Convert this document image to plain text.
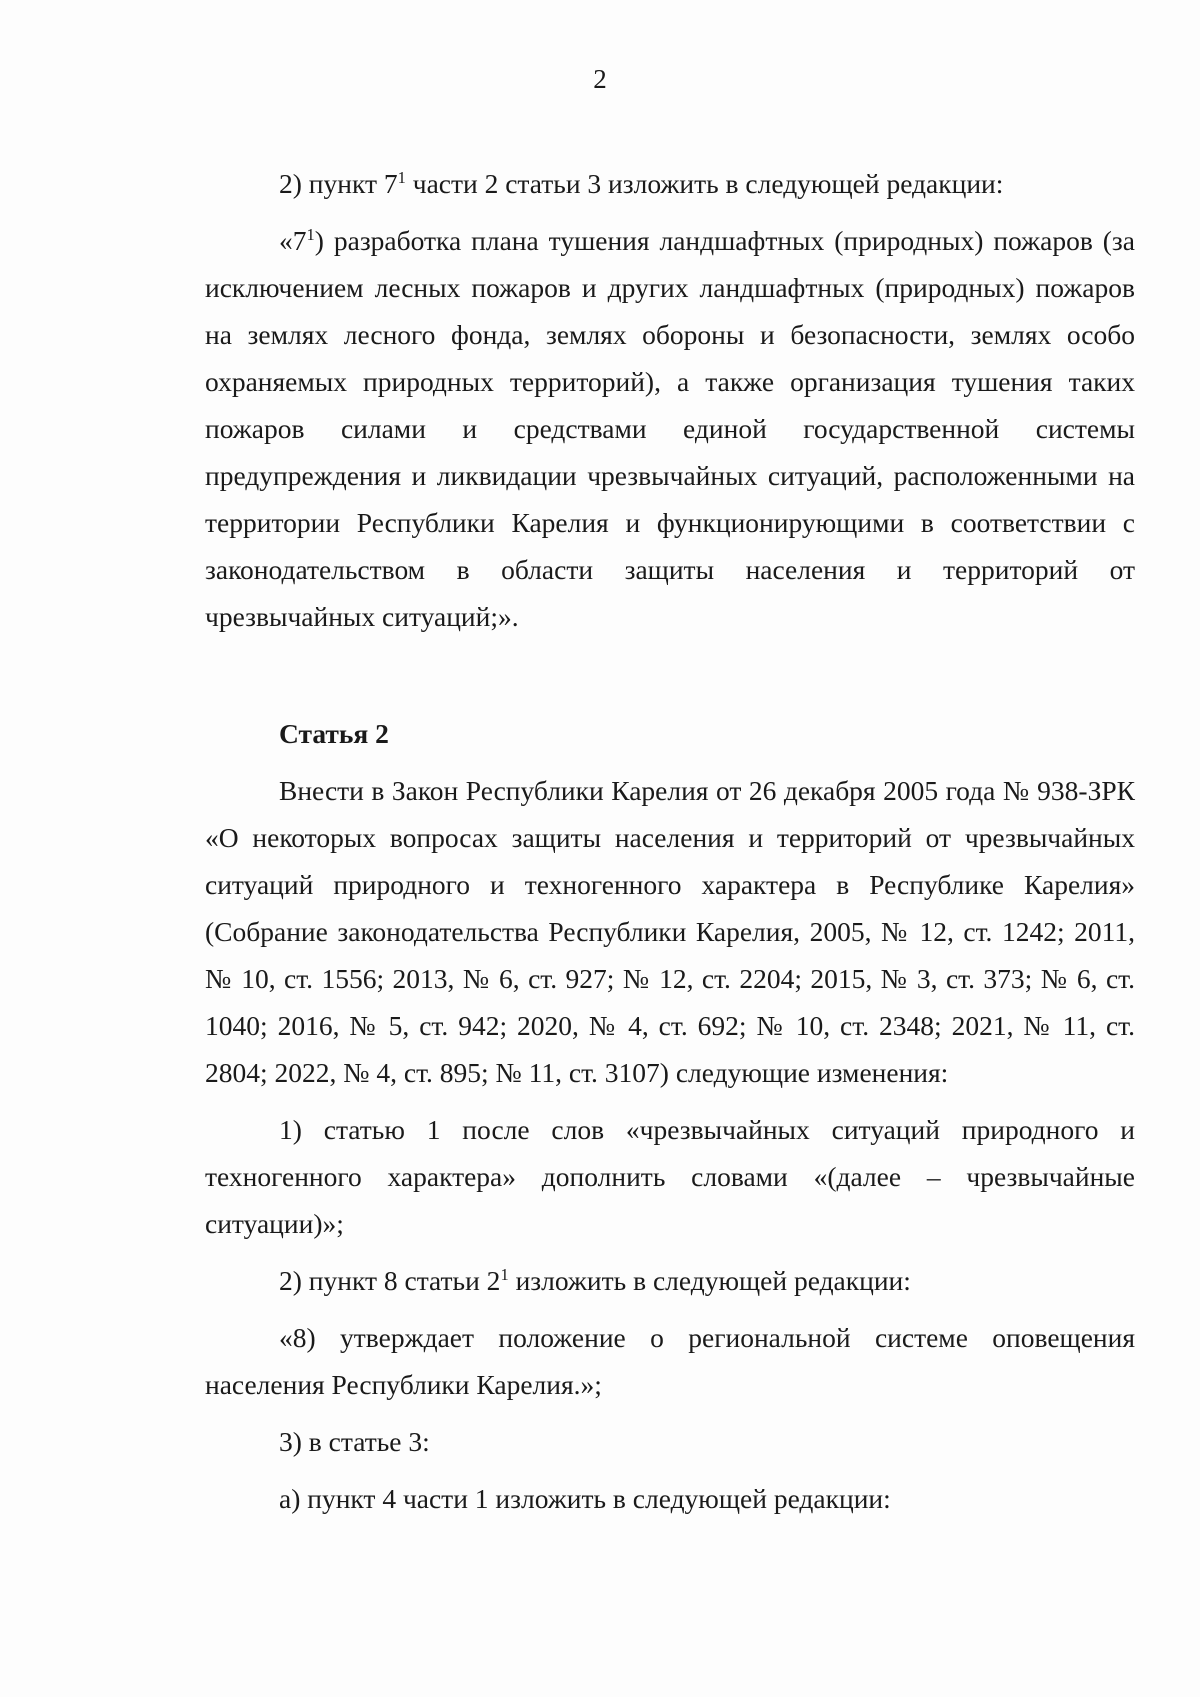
2

2) пункт $7^1$ части 2 статьи 3 изложить в следующей редакции:

«$7^1$) разработка плана тушения ландшафтных (природных) пожаров (за исключением лесных пожаров и других ландшафтных (природных) пожаров на землях лесного фонда, землях обороны и безопасности, землях особо охраняемых природных территорий), а также организация тушения таких пожаров силами и средствами единой государственной системы предупреждения и ликвидации чрезвычайных ситуаций, расположенными на территории Республики Карелия и функционирующими в соответствии с законодательством в области защиты населения и территорий от чрезвычайных ситуаций;».

Статья 2

Внести в Закон Республики Карелия от 26 декабря 2005 года № 938-ЗРК «О некоторых вопросах защиты населения и территорий от чрезвычайных ситуаций природного и техногенного характера в Республике Карелия» (Собрание законодательства Республики Карелия, 2005, № 12, ст. 1242; 2011, № 10, ст. 1556; 2013, № 6, ст. 927; № 12, ст. 2204; 2015, № 3, ст. 373; № 6, ст. 1040; 2016, № 5, ст. 942; 2020, № 4, ст. 692; № 10, ст. 2348; 2021, № 11, ст. 2804; 2022, № 4, ст. 895; № 11, ст. 3107) следующие изменения:

1) статью 1 после слов «чрезвычайных ситуаций природного и техногенного характера» дополнить словами «(далее – чрезвычайные ситуации)»;

2) пункт 8 статьи $2^1$ изложить в следующей редакции:

«8) утверждает положение о региональной системе оповещения населения Республики Карелия.»;

3) в статье 3:

а) пункт 4 части 1 изложить в следующей редакции:
